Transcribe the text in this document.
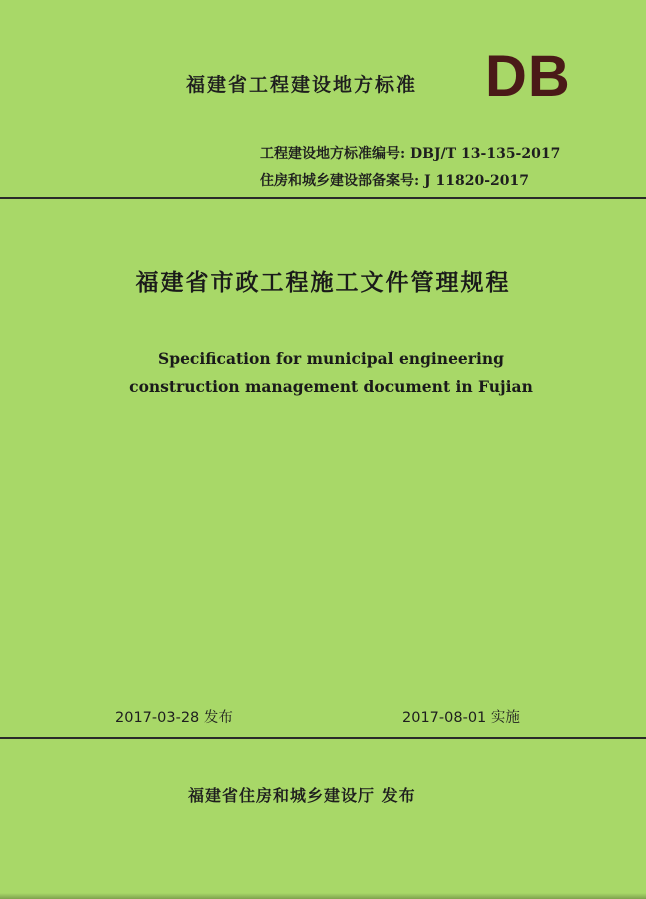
福建省工程建设地方标准 DB
工程建设地方标准编号: DBJ/T 13-135-2017
住房和城乡建设部备案号: J 11820-2017
福建省市政工程施工文件管理规程
Specification for municipal engineering
construction management document in Fujian
2017-03-28 发布	2017-08-01 实施
福建省住房和城乡建设厅 发布
